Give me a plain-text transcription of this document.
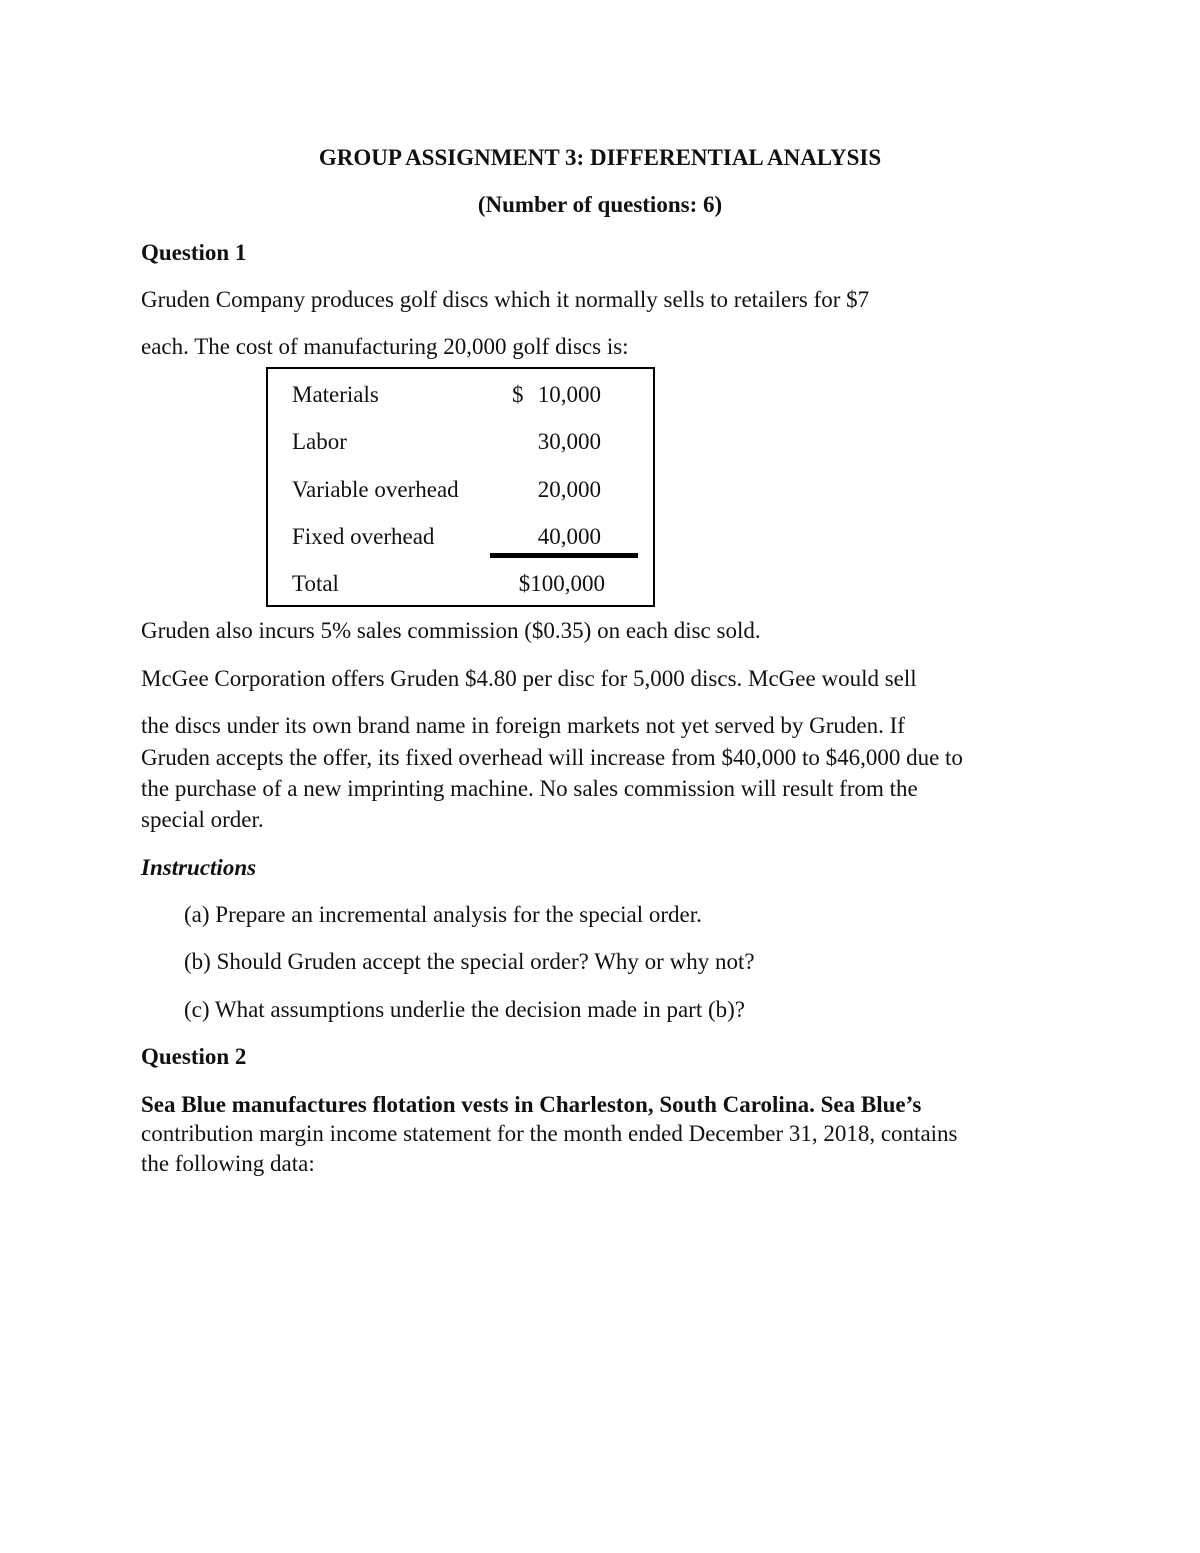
GROUP ASSIGNMENT 3: DIFFERENTIAL ANALYSIS
(Number of questions: 6)
Question 1
Gruden Company produces golf discs which it normally sells to retailers for $7
each. The cost of manufacturing 20,000 golf discs is:
Materials	$ 10,000
Labor	30,000
Variable overhead	20,000
Fixed overhead	40,000
Total	$100,000
Gruden also incurs 5% sales commission ($0.35) on each disc sold.
McGee Corporation offers Gruden $4.80 per disc for 5,000 discs. McGee would sell
the discs under its own brand name in foreign markets not yet served by Gruden. If
Gruden accepts the offer, its fixed overhead will increase from $40,000 to $46,000 due to
the purchase of a new imprinting machine. No sales commission will result from the
special order.
Instructions
(a) Prepare an incremental analysis for the special order.
(b) Should Gruden accept the special order? Why or why not?
(c) What assumptions underlie the decision made in part (b)?
Question 2
Sea Blue manufactures flotation vests in Charleston, South Carolina. Sea Blue’s
contribution margin income statement for the month ended December 31, 2018, contains
the following data:
